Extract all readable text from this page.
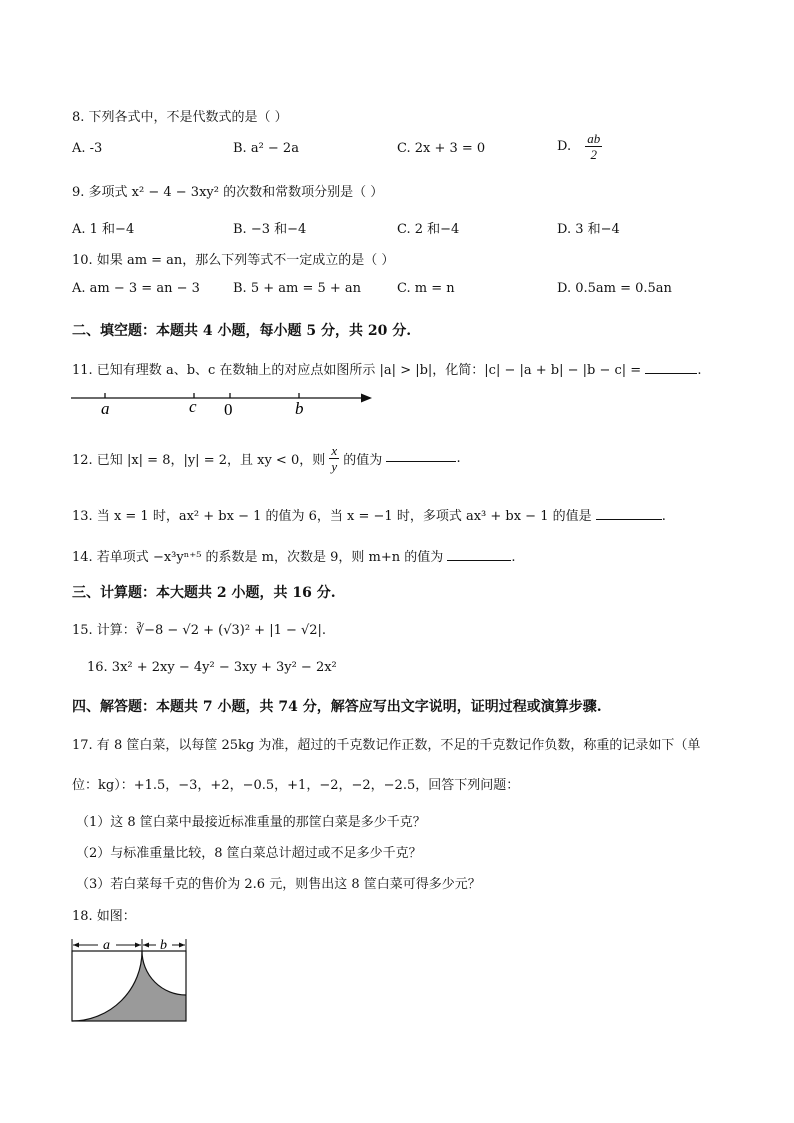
8. 下列各式中，不是代数式的是（ ）
A. -3	B. a² − 2a	C. 2x + 3 = 0	D. $\frac{ab}{2}$
9. 多项式 x² − 4 − 3xy² 的次数和常数项分别是（ ）
A. 1 和−4	B. −3 和−4	C. 2 和−4	D. 3 和−4
10. 如果 am = an，那么下列等式不一定成立的是（ ）
A. am − 3 = an − 3	B. 5 + am = 5 + an	C. m = n	D. 0.5am = 0.5an
二、填空题：本题共 4 小题，每小题 5 分，共 20 分.
11. 已知有理数 a、b、c 在数轴上的对应点如图所示 |a| > |b|，化简：|c| − |a + b| − |b − c| =	.
a	c 0	b
12. 已知 |x| = 8，|y| = 2，且 xy < 0，则 $\frac{x}{y}$ 的值为	.
13. 当 x = 1 时，ax² + bx − 1 的值为 6，当 x = −1 时，多项式 ax³ + bx − 1 的值是	.
14. 若单项式 −x³yⁿ⁺⁵ 的系数是 m，次数是 9，则 m+n 的值为	.
三、计算题：本大题共 2 小题，共 16 分.
15. 计算：∛−8 − √2 + (√3)² + |1 − √2|.
16. 3x² + 2xy − 4y² − 3xy + 3y² − 2x²
四、解答题：本题共 7 小题，共 74 分，解答应写出文字说明，证明过程或演算步骤.
17. 有 8 筐白菜，以每筐 25kg 为准，超过的千克数记作正数，不足的千克数记作负数，称重的记录如下（单
位：kg）：+1.5，−3，+2，−0.5，+1，−2，−2，−2.5，回答下列问题：
（1）这 8 筐白菜中最接近标准重量的那筐白菜是多少千克？
（2）与标准重量比较，8 筐白菜总计超过或不足多少千克？
（3）若白菜每千克的售价为 2.6 元，则售出这 8 筐白菜可得多少元？
18. 如图：
a	b
